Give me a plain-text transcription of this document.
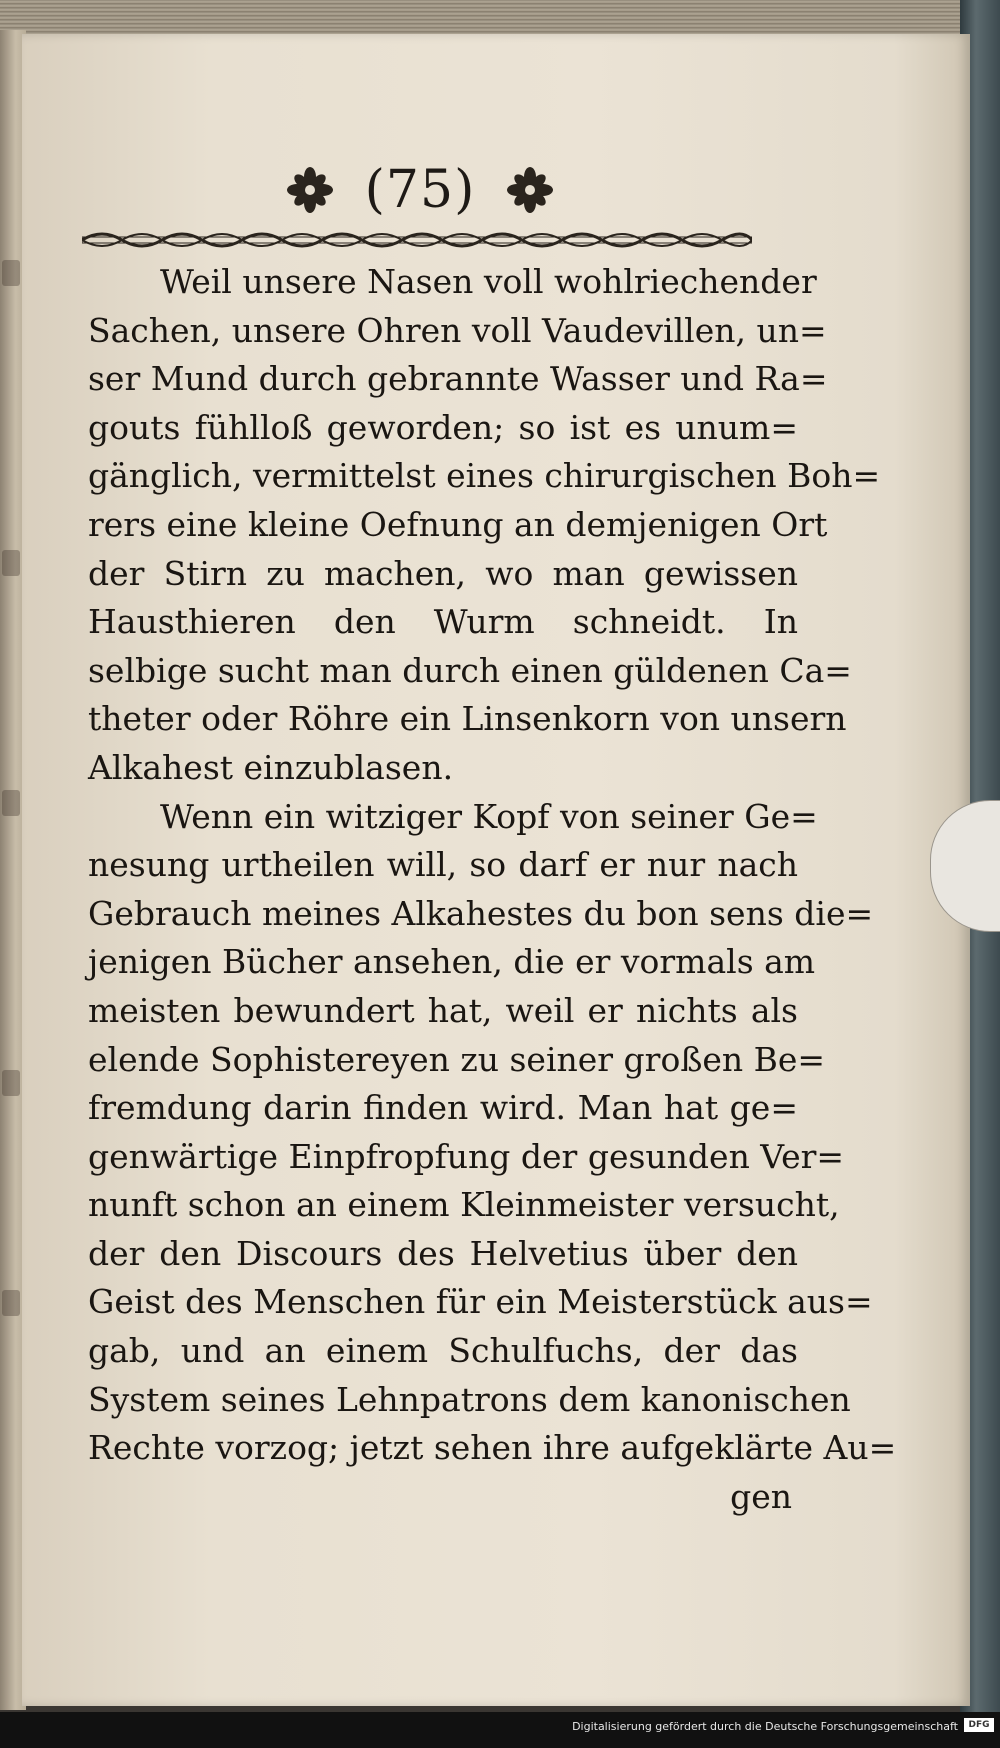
(75)
Weil unsere Nasen voll wohlriechender
Sachen, unsere Ohren voll Vaudevillen, un=
ser Mund durch gebrannte Wasser und Ra=
gouts fühlloß geworden; so ist es unum=
gänglich, vermittelst eines chirurgischen Boh=
rers eine kleine Oefnung an demjenigen Ort
der Stirn zu machen, wo man gewissen
Hausthieren den Wurm schneidt. In
selbige sucht man durch einen güldenen Ca=
theter oder Röhre ein Linsenkorn von unsern
Alkahest einzublasen.
Wenn ein witziger Kopf von seiner Ge=
nesung urtheilen will, so darf er nur nach
Gebrauch meines Alkahestes du bon sens die=
jenigen Bücher ansehen, die er vormals am
meisten bewundert hat, weil er nichts als
elende Sophistereyen zu seiner großen Be=
fremdung darin finden wird. Man hat ge=
genwärtige Einpfropfung der gesunden Ver=
nunft schon an einem Kleinmeister versucht,
der den Discours des Helvetius über den
Geist des Menschen für ein Meisterstück aus=
gab, und an einem Schulfuchs, der das
System seines Lehnpatrons dem kanonischen
Rechte vorzog; jetzt sehen ihre aufgeklärte Au=
gen
Digitalisierung gefördert durch die Deutsche Forschungsgemeinschaft	DFG
